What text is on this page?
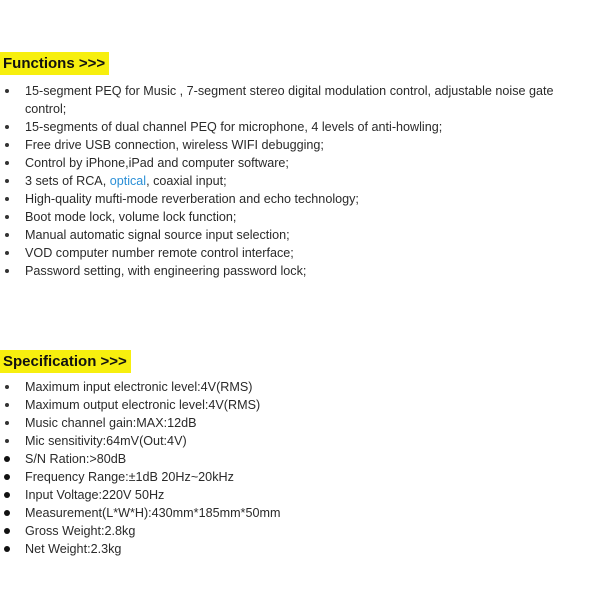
Functions >>>
15-segment PEQ for Music , 7-segment stereo digital modulation control, adjustable noise gate control;
15-segments of dual channel PEQ for microphone, 4 levels of anti-howling;
Free drive USB connection, wireless WIFI debugging;
Control by iPhone,iPad and computer software;
3 sets of RCA, optical, coaxial input;
High-quality mufti-mode reverberation and echo technology;
Boot mode lock, volume lock function;
Manual automatic signal source input selection;
VOD computer number remote control interface;
Password setting, with engineering password lock;
Specification >>>
Maximum input electronic level:4V(RMS)
Maximum output electronic level:4V(RMS)
Music channel gain:MAX:12dB
Mic sensitivity:64mV(Out:4V)
S/N Ration:>80dB
Frequency Range:±1dB 20Hz~20kHz
Input Voltage:220V 50Hz
Measurement(L*W*H):430mm*185mm*50mm
Gross Weight:2.8kg
Net Weight:2.3kg
